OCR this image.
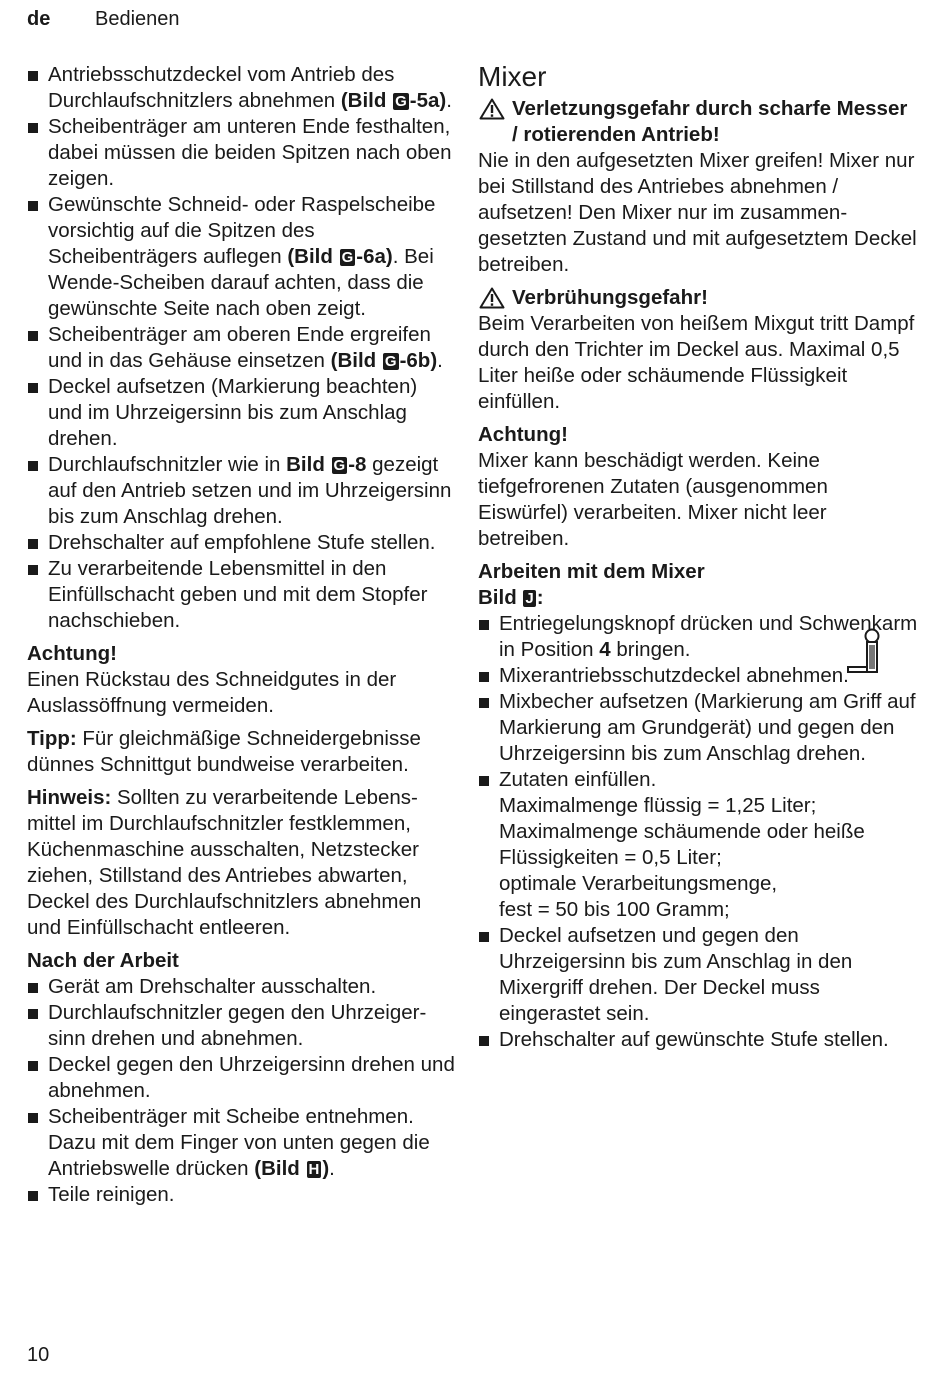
de Bedienen
Antriebsschutzdeckel vom Antrieb des Durchlaufschnitzlers abnehmen (Bild G -5a).
Scheibenträger am unteren Ende festhalten, dabei müssen die beiden Spitzen nach oben zeigen.
Gewünschte Schneid- oder Raspelscheibe vorsichtig auf die Spitzen des Scheibenträgers auflegen (Bild G -6a). Bei Wende-Scheiben darauf achten, dass die gewünschte Seite nach oben zeigt.
Scheibenträger am oberen Ende ergreifen und in das Gehäuse einsetzen (Bild G -6b).
Deckel aufsetzen (Markierung beachten) und im Uhrzeigersinn bis zum Anschlag drehen.
Durchlaufschnitzler wie in Bild G -8 gezeigt auf den Antrieb setzen und im Uhrzeigersinn bis zum Anschlag drehen.
Drehschalter auf empfohlene Stufe stellen.
Zu verarbeitende Lebensmittel in den Einfüllschacht geben und mit dem Stopfer nachschieben.

Achtung!

Einen Rückstau des Schneidgutes in der Auslassöffnung vermeiden.

Tipp: Für gleichmäßige Schneidergebnisse dünnes Schnittgut bundweise verarbeiten.

Hinweis: Sollten zu verarbeitende Lebensmittel im Durchlaufschnitzler festklemmen, Küchenmaschine ausschalten, Netzstecker ziehen, Stillstand des Antriebes abwarten, Deckel des Durchlaufschnitzlers abnehmen und Einfüllschacht entleeren.

Nach der Arbeit

Gerät am Drehschalter ausschalten.
Durchlaufschnitzler gegen den Uhrzeigersinn drehen und abnehmen.
Deckel gegen den Uhrzeigersinn drehen und abnehmen.
Scheibenträger mit Scheibe entnehmen. Dazu mit dem Finger von unten gegen die Antriebswelle drücken (Bild H ).
Teile reinigen.

Mixer

Verletzungsgefahr durch scharfe Messer / rotierenden Antrieb!

Nie in den aufgesetzten Mixer greifen! Mixer nur bei Stillstand des Antriebes abnehmen / aufsetzen! Den Mixer nur im zusammengesetzten Zustand und mit aufgesetztem Deckel betreiben.

Verbrühungsgefahr!

Beim Verarbeiten von heißem Mixgut tritt Dampf durch den Trichter im Deckel aus. Maximal 0,5 Liter heiße oder schäumende Flüssigkeit einfüllen.

Achtung!

Mixer kann beschädigt werden. Keine tiefgefrorenen Zutaten (ausgenommen Eiswürfel) verarbeiten. Mixer nicht leer betreiben.

Arbeiten mit dem Mixer

Bild J :

Entriegelungsknopf drücken und Schwenkarm in Position 4 bringen.
Mixerantriebsschutzdeckel abnehmen.
Mixbecher aufsetzen (Markierung am Griff auf Markierung am Grundgerät) und gegen den Uhrzeigersinn bis zum Anschlag drehen.
Zutaten einfüllen.
Maximalmenge flüssig = 1,25 Liter;
Maximalmenge schäumende oder heiße Flüssigkeiten = 0,5 Liter;
optimale Verarbeitungsmenge,
fest = 50 bis 100 Gramm;
Deckel aufsetzen und gegen den Uhrzeigersinn bis zum Anschlag in den Mixergriff drehen. Der Deckel muss eingerastet sein.
Drehschalter auf gewünschte Stufe stellen.
10
